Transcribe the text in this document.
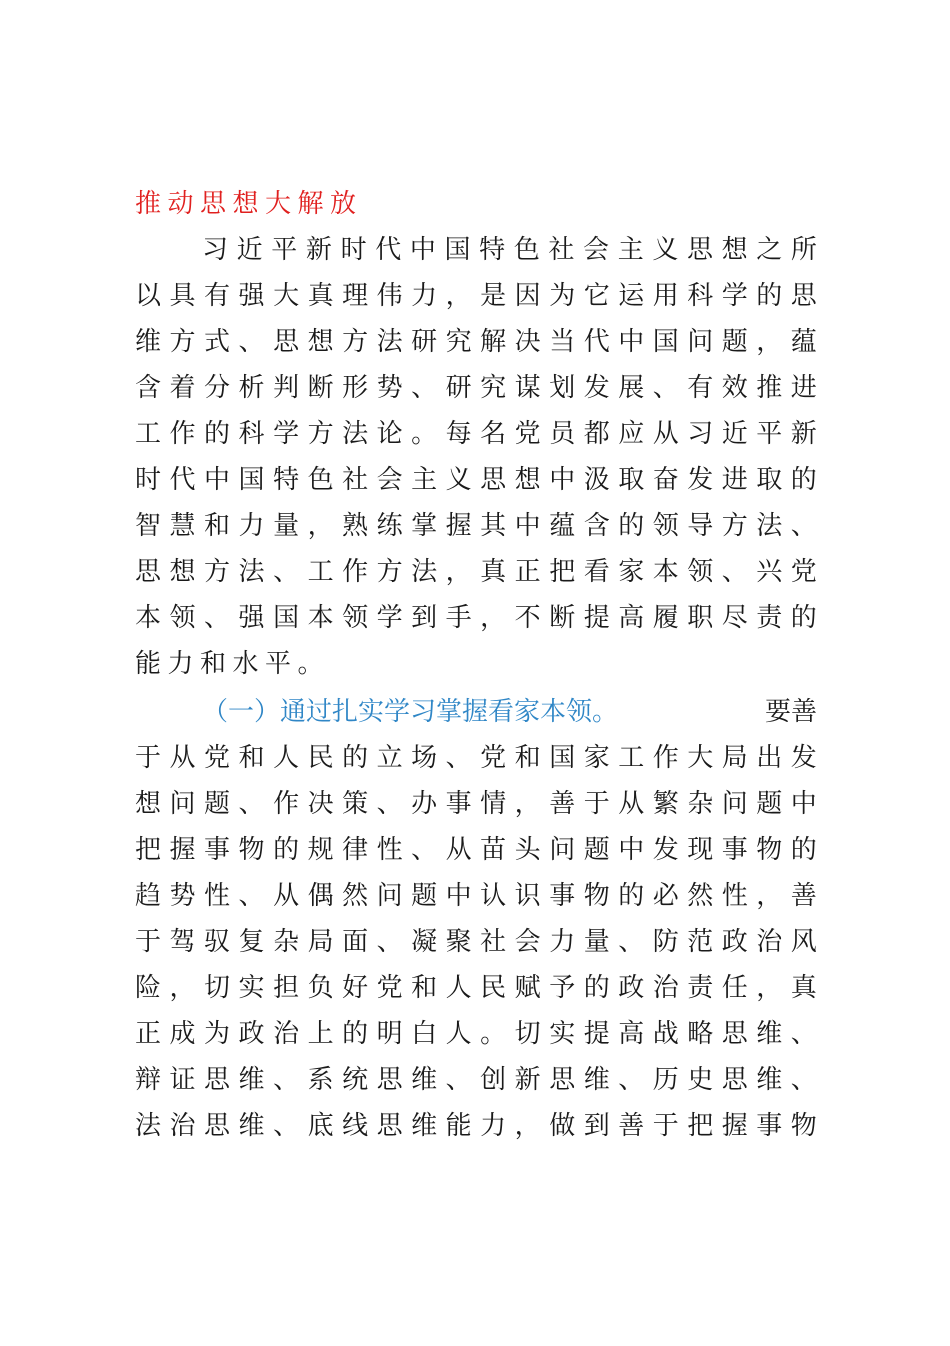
推动思想大解放
习 近 平 新 时 代 中 国 特 色 社 会 主 义 思 想 之 所
以 具 有 强 大 真 理 伟 力 ， 是 因 为 它 运 用 科 学 的 思
维 方 式 、 思 想 方 法 研 究 解 决 当 代 中 国 问 题 ， 蕴
含 着 分 析 判 断 形 势 、 研 究 谋 划 发 展 、 有 效 推 进
工 作 的 科 学 方 法 论 。 每 名 党 员 都 应 从 习 近 平 新
时 代 中 国 特 色 社 会 主 义 思 想 中 汲 取 奋 发 进 取 的
智 慧 和 力 量 ， 熟 练 掌 握 其 中 蕴 含 的 领 导 方 法 、
思 想 方 法 、 工 作 方 法 ， 真 正 把 看 家 本 领 、 兴 党
本 领 、 强 国 本 领 学 到 手 ， 不 断 提 高 履 职 尽 责 的
能力和水平。
（一）通过扎实学习掌握看家本领。	要善
于 从 党 和 人 民 的 立 场 、 党 和 国 家 工 作 大 局 出 发
想 问 题 、 作 决 策 、 办 事 情 ， 善 于 从 繁 杂 问 题 中
把 握 事 物 的 规 律 性 、 从 苗 头 问 题 中 发 现 事 物 的
趋 势 性 、 从 偶 然 问 题 中 认 识 事 物 的 必 然 性 ， 善
于 驾 驭 复 杂 局 面 、 凝 聚 社 会 力 量 、 防 范 政 治 风
险 ， 切 实 担 负 好 党 和 人 民 赋 予 的 政 治 责 任 ， 真
正 成 为 政 治 上 的 明 白 人 。 切 实 提 高 战 略 思 维 、
辩 证 思 维 、 系 统 思 维 、 创 新 思 维 、 历 史 思 维 、
法 治 思 维 、 底 线 思 维 能 力 ， 做 到 善 于 把 握 事 物
